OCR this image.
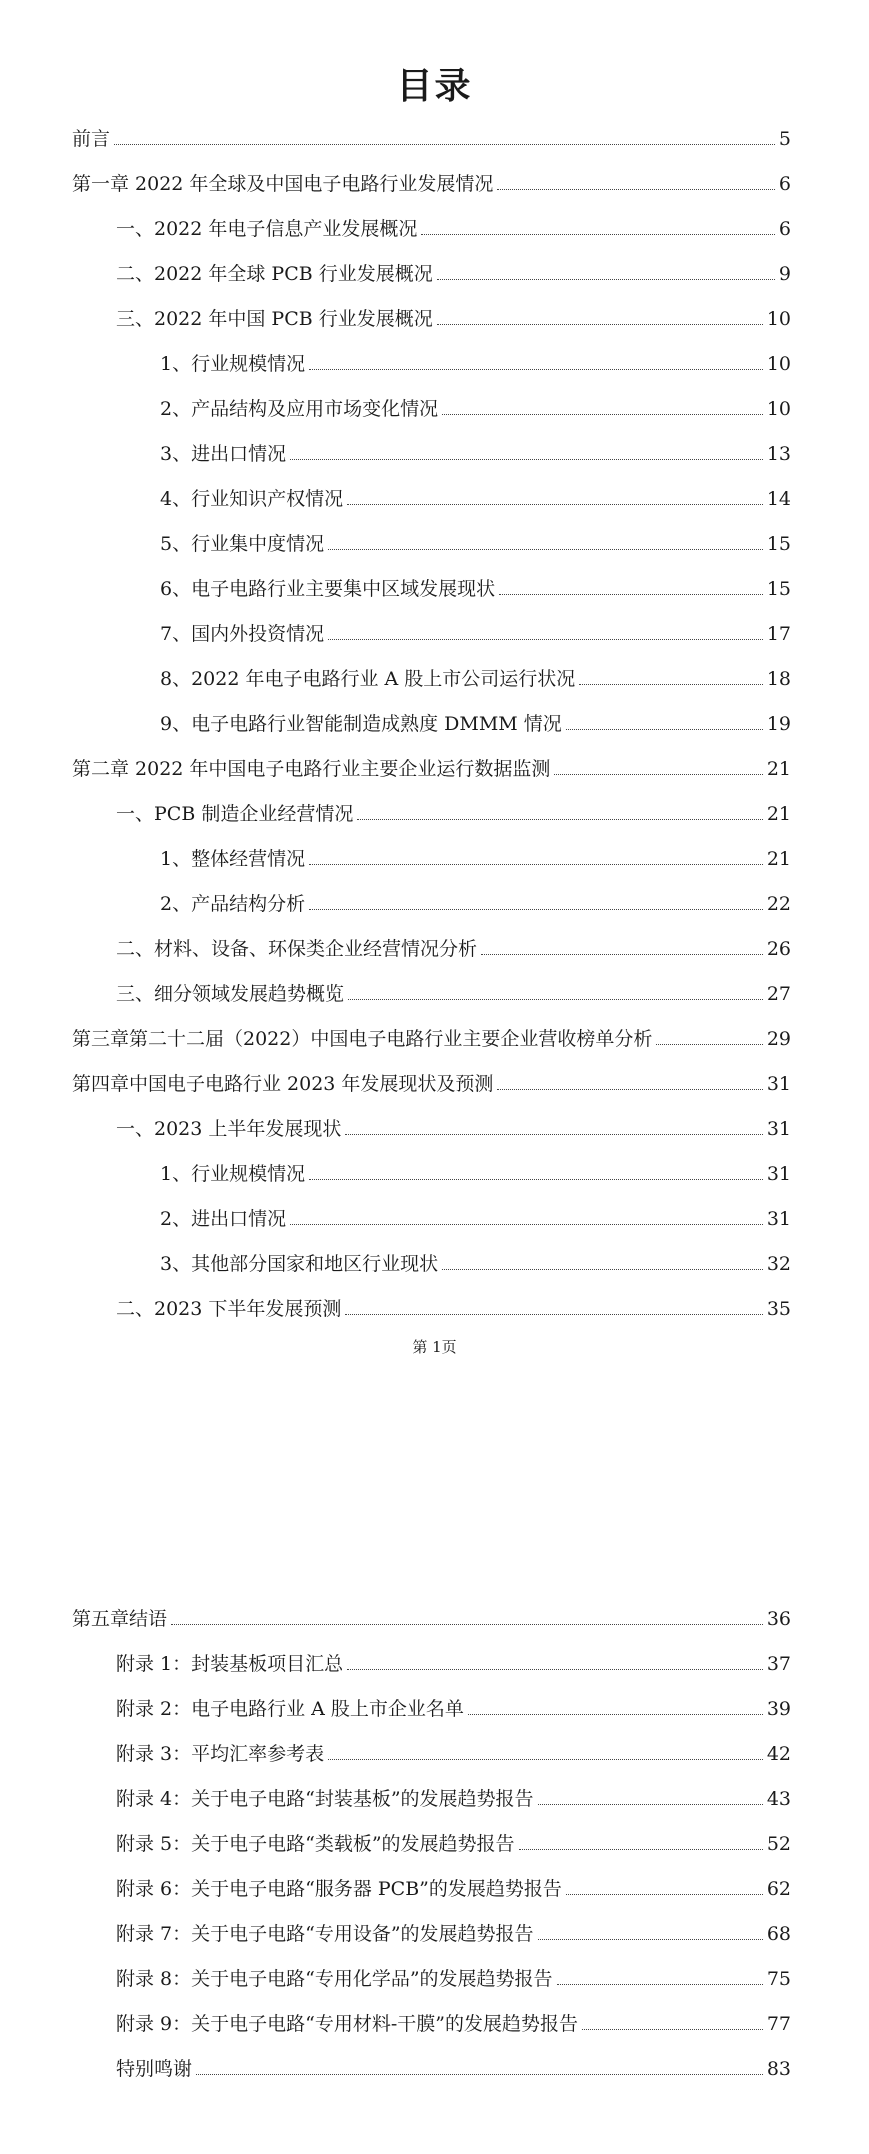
目录
前言	5
第一章 2022 年全球及中国电子电路行业发展情况	6
一、2022 年电子信息产业发展概况	6
二、2022 年全球 PCB 行业发展概况	9
三、2022 年中国 PCB 行业发展概况	10
1、行业规模情况	10
2、产品结构及应用市场变化情况	10
3、进出口情况	13
4、行业知识产权情况	14
5、行业集中度情况	15
6、电子电路行业主要集中区域发展现状	15
7、国内外投资情况	17
8、2022 年电子电路行业 A 股上市公司运行状况	18
9、电子电路行业智能制造成熟度 DMMM 情况	19
第二章 2022 年中国电子电路行业主要企业运行数据监测	21
一、PCB 制造企业经营情况	21
1、整体经营情况	21
2、产品结构分析	22
二、材料、设备、环保类企业经营情况分析	26
三、细分领域发展趋势概览	27
第三章第二十二届（2022）中国电子电路行业主要企业营收榜单分析	29
第四章中国电子电路行业 2023 年发展现状及预测	31
一、2023 上半年发展现状	31
1、行业规模情况	31
2、进出口情况	31
3、其他部分国家和地区行业现状	32
二、2023 下半年发展预测	35
第五章结语	36
附录 1：封装基板项目汇总	37
附录 2：电子电路行业 A 股上市企业名单	39
附录 3：平均汇率参考表	42
附录 4：关于电子电路“封装基板”的发展趋势报告	43
附录 5：关于电子电路“类载板”的发展趋势报告	52
附录 6：关于电子电路“服务器 PCB”的发展趋势报告	62
附录 7：关于电子电路“专用设备”的发展趋势报告	68
附录 8：关于电子电路“专用化学品”的发展趋势报告	75
附录 9：关于电子电路“专用材料-干膜”的发展趋势报告	77
特别鸣谢	83
第 1页
